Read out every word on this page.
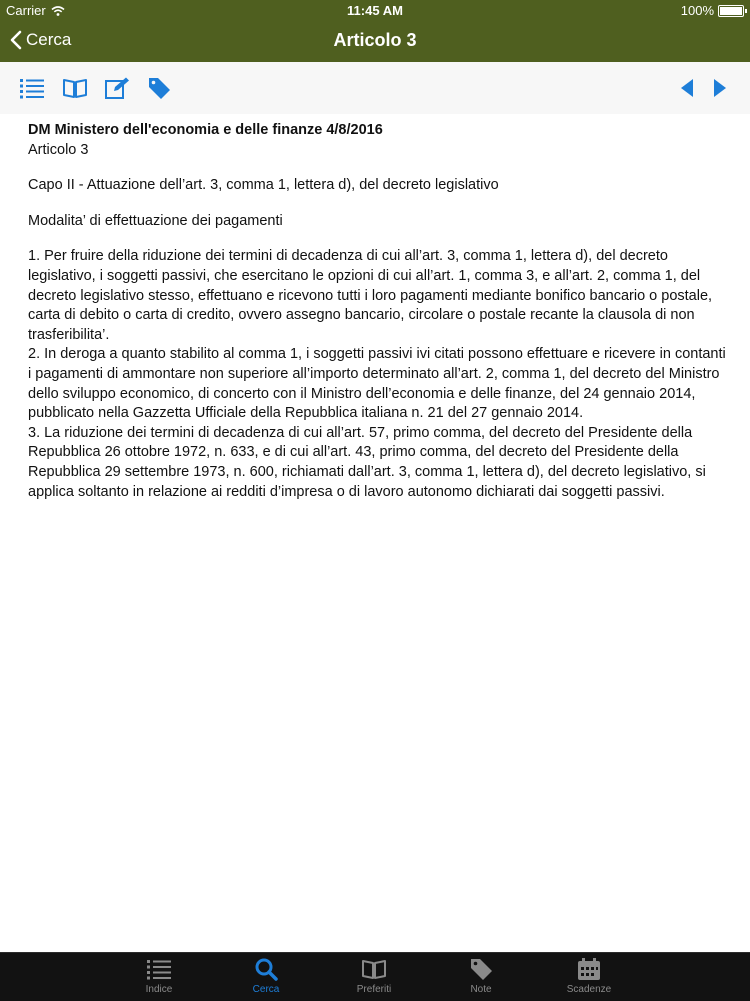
Carrier	11:45 AM	100%
Cerca	Articolo 3
DM Ministero dell'economia e delle finanze 4/8/2016
Articolo 3
Capo II - Attuazione dell’art. 3, comma 1, lettera d), del decreto legislativo
Modalita’ di effettuazione dei pagamenti

1. Per fruire della riduzione dei termini di decadenza di cui all’art. 3, comma 1, lettera d), del decreto legislativo, i soggetti passivi, che esercitano le opzioni di cui all’art. 1, comma 3, e all’art. 2, comma 1, del decreto legislativo stesso, effettuano e ricevono tutti i loro pagamenti mediante bonifico bancario o postale, carta di debito o carta di credito, ovvero assegno bancario, circolare o postale recante la clausola di non trasferibilita’.

2. In deroga a quanto stabilito al comma 1, i soggetti passivi ivi citati possono effettuare e ricevere in contanti i pagamenti di ammontare non superiore all’importo determinato all’art. 2, comma 1, del decreto del Ministro dello sviluppo economico, di concerto con il Ministro dell’economia e delle finanze, del 24 gennaio 2014, pubblicato nella Gazzetta Ufficiale della Repubblica italiana n. 21 del 27 gennaio 2014.

3. La riduzione dei termini di decadenza di cui all’art. 57, primo comma, del decreto del Presidente della Repubblica 26 ottobre 1972, n. 633, e di cui all’art. 43, primo comma, del decreto del Presidente della Repubblica 29 settembre 1973, n. 600, richiamati dall’art. 3, comma 1, lettera d), del decreto legislativo, si applica soltanto in relazione ai redditi d’impresa o di lavoro autonomo dichiarati dai soggetti passivi.

Indice	Cerca	Preferiti	Note	Scadenze
